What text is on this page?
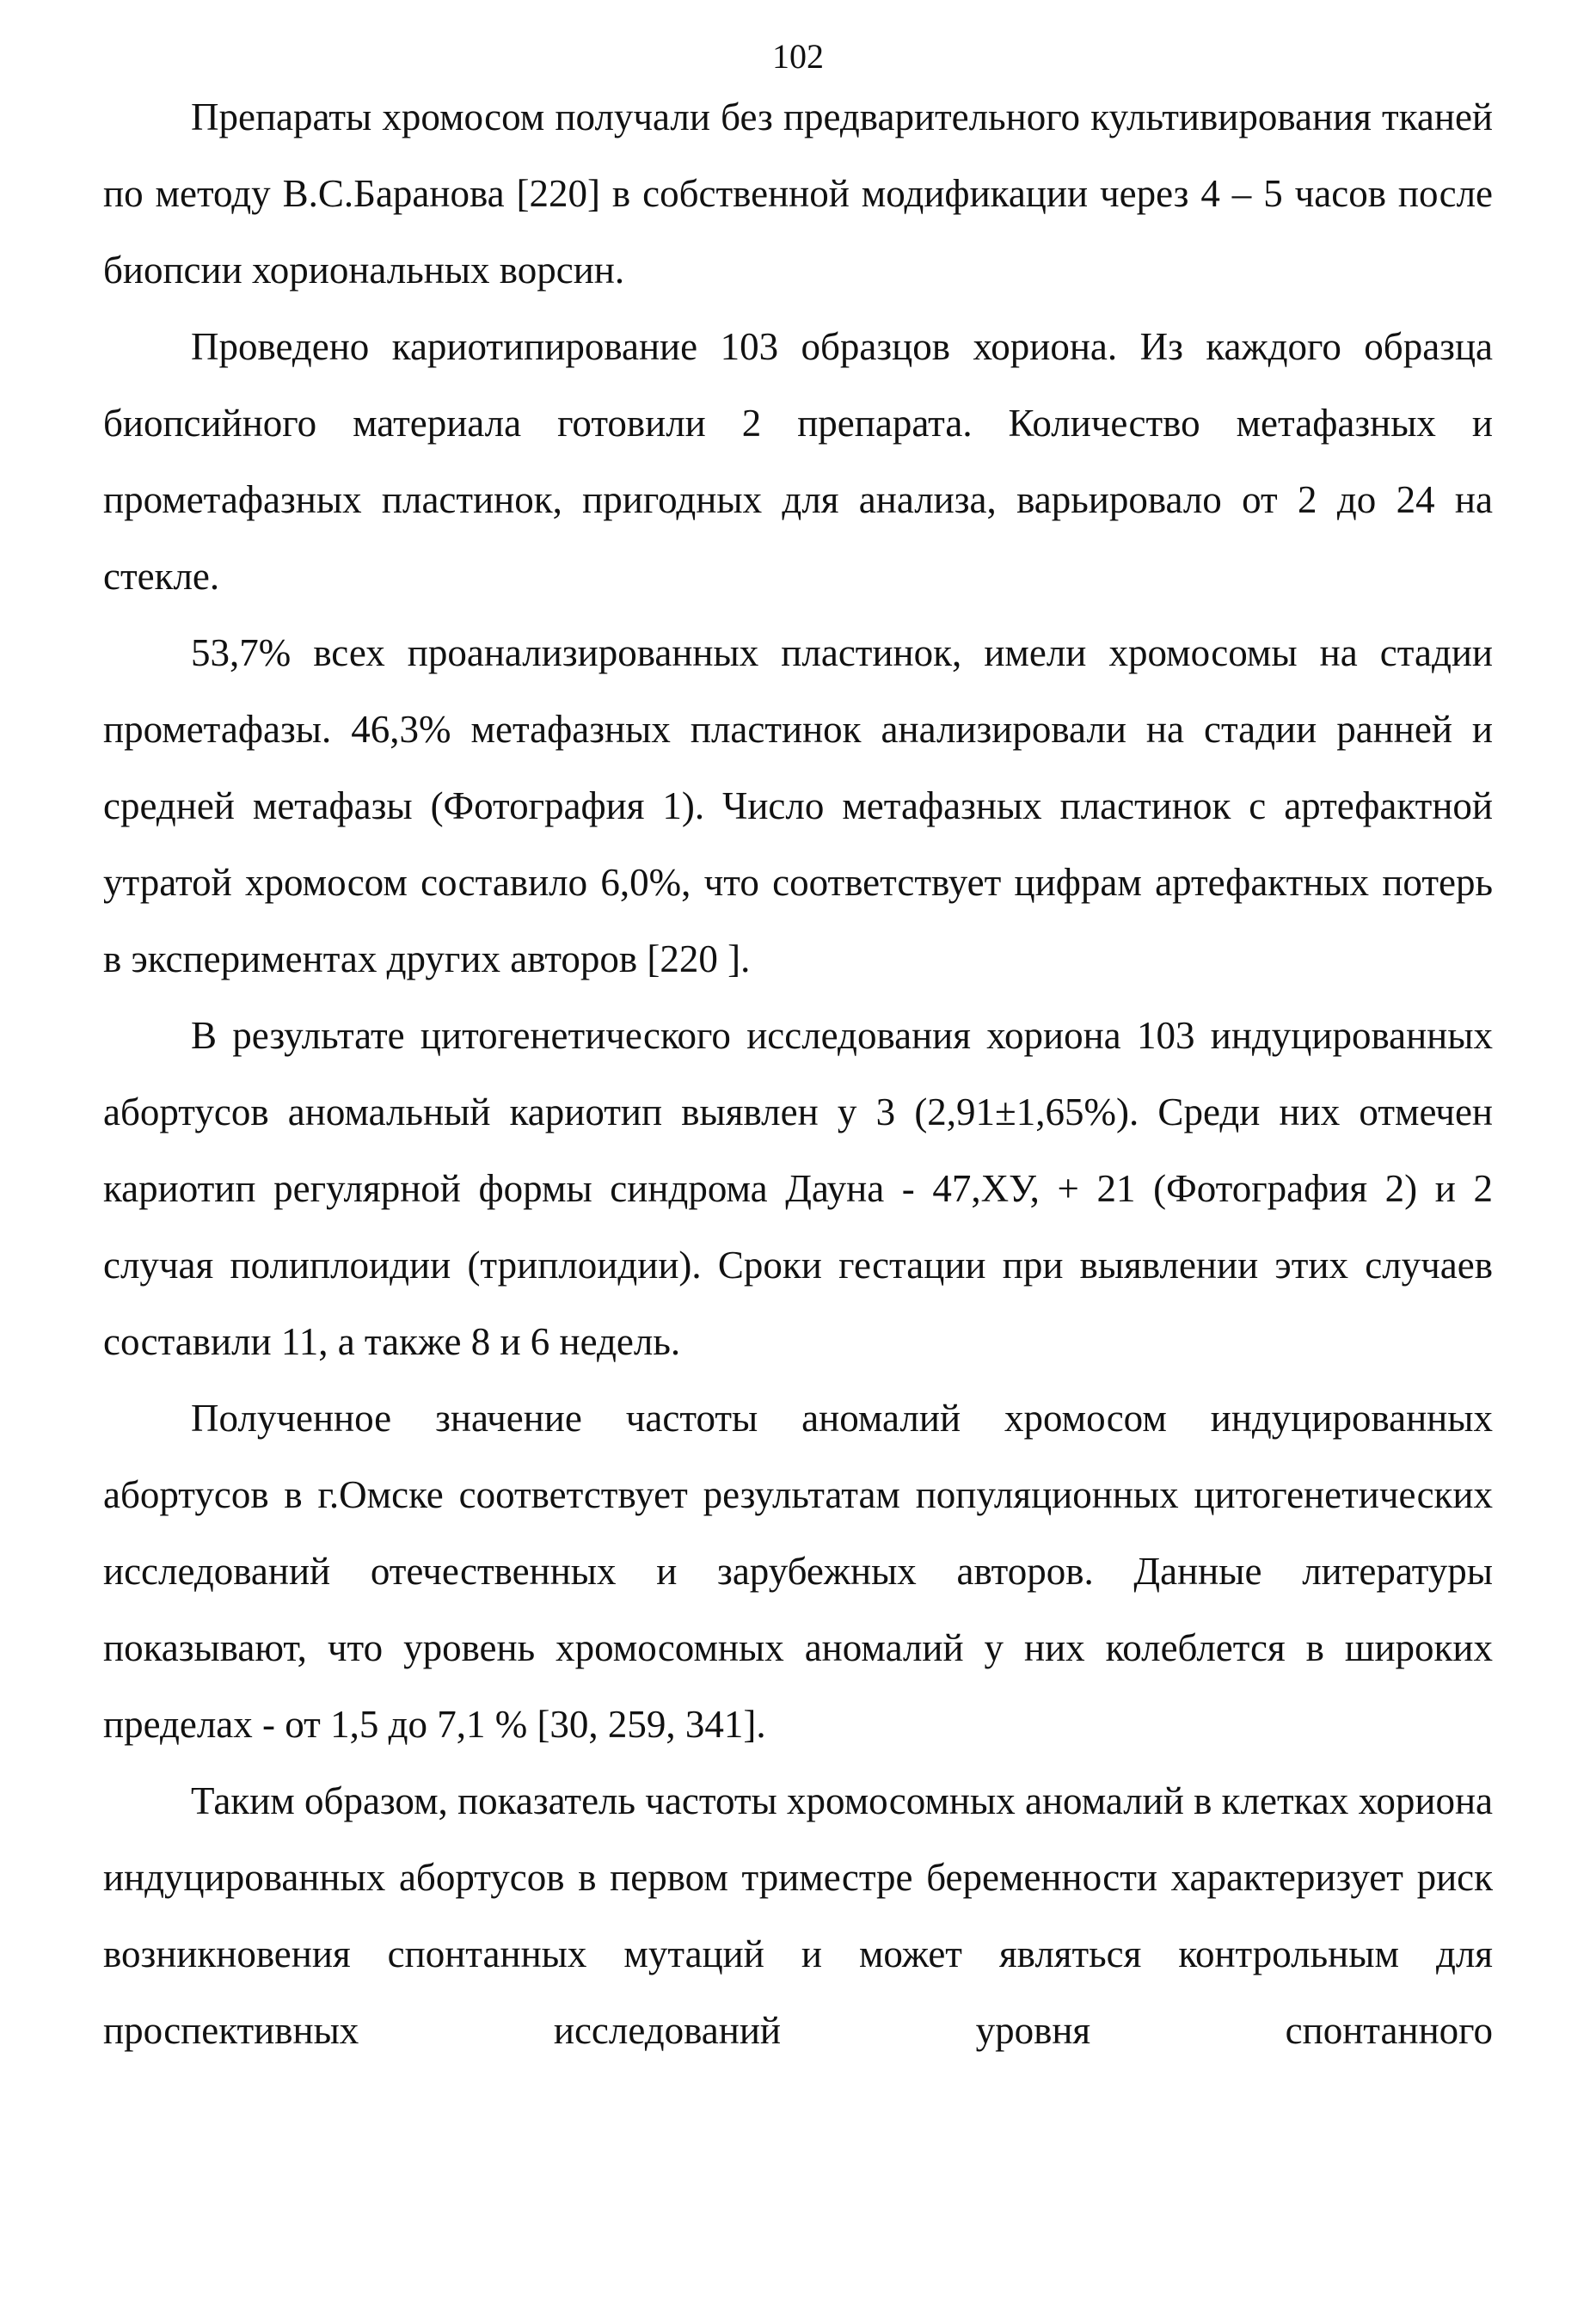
102

Препараты хромосом получали без предварительного культивирования тканей по методу В.С.Баранова [220] в собственной модификации через 4 – 5 часов после биопсии хориональных ворсин.

Проведено кариотипирование 103 образцов хориона. Из каждого образца биопсийного материала готовили 2 препарата. Количество метафазных и прометафазных пластинок, пригодных для анализа, варьировало от 2 до 24 на стекле.

53,7% всех проанализированных пластинок, имели хромосомы на стадии прометафазы. 46,3% метафазных пластинок анализировали на стадии ранней и средней метафазы (Фотография 1). Число метафазных пластинок с артефактной утратой хромосом составило 6,0%, что соответствует цифрам артефактных потерь в экспериментах других авторов [220 ].

В результате цитогенетического исследования хориона 103 индуцированных абортусов аномальный кариотип выявлен у 3 (2,91±1,65%). Среди них отмечен кариотип регулярной формы синдрома Дауна - 47,ХУ, + 21 (Фотография 2) и 2 случая полиплоидии (триплоидии). Сроки гестации при выявлении этих случаев составили 11, а также 8 и 6 недель.

Полученное значение частоты аномалий хромосом индуцированных абортусов в г.Омске соответствует результатам популяционных цитогенетических исследований отечественных и зарубежных авторов. Данные литературы показывают, что уровень хромосомных аномалий у них колеблется в широких пределах - от 1,5 до 7,1 % [30, 259, 341].

Таким образом, показатель частоты хромосомных аномалий в клетках хориона индуцированных абортусов в первом триместре беременности характеризует риск возникновения спонтанных мутаций и может являться контрольным для проспективных исследований уровня спонтанного
